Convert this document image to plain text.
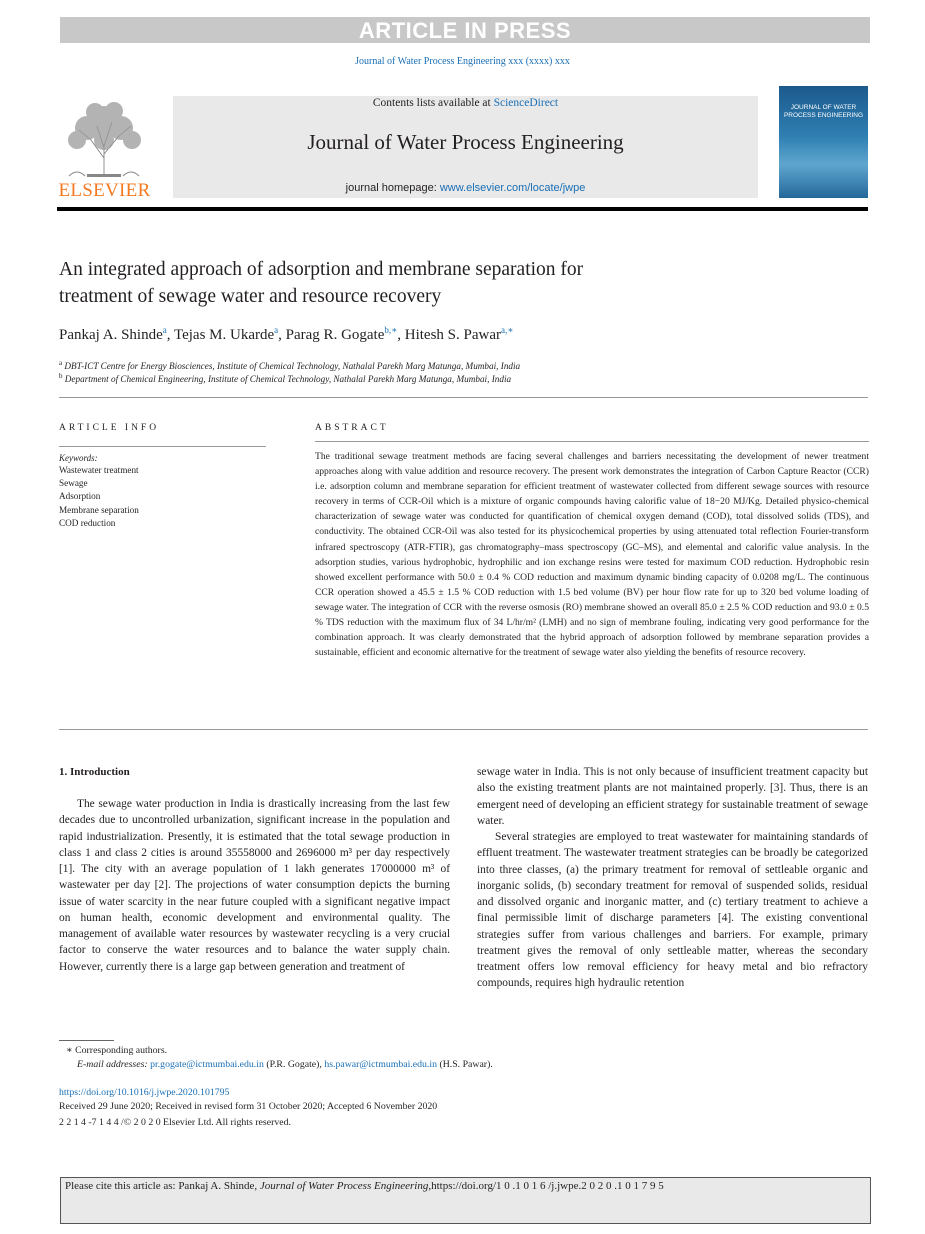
ARTICLE IN PRESS
Journal of Water Process Engineering xxx (xxxx) xxx
ELSEVIER
Contents lists available at ScienceDirect
Journal of Water Process Engineering
journal homepage: www.elsevier.com/locate/jwpe
JOURNAL OF WATER PROCESS ENGINEERING
An integrated approach of adsorption and membrane separation for
treatment of sewage water and resource recovery
Pankaj A. Shinde$^a$, Tejas M. Ukarde$^a$, Parag R. Gogate$^{b,∗}$, Hitesh S. Pawar$^{a,∗}$
$^a$ DBT-ICT Centre for Energy Biosciences, Institute of Chemical Technology, Nathalal Parekh Marg Matunga, Mumbai, India
$^b$ Department of Chemical Engineering, Institute of Chemical Technology, Nathalal Parekh Marg Matunga, Mumbai, India
ARTICLE INFO
Keywords:
Wastewater treatment
Sewage
Adsorption
Membrane separation
COD reduction
ABSTRACT
The traditional sewage treatment methods are facing several challenges and barriers necessitating the development of newer treatment approaches along with value addition and resource recovery. The present work demonstrates the integration of Carbon Capture Reactor (CCR) i.e. adsorption column and membrane separation for efficient treatment of wastewater collected from different sewage sources with resource recovery in terms of CCR-Oil which is a mixture of organic compounds having calorific value of 18−20 MJ/Kg. Detailed physico-chemical characterization of sewage water was conducted for quantification of chemical oxygen demand (COD), total dissolved solids (TDS), and conductivity. The obtained CCR-Oil was also tested for its physicochemical properties by using attenuated total reflection Fourier-transform infrared spectroscopy (ATR-FTIR), gas chromatography–mass spectroscopy (GC–MS), and elemental and calorific value analysis. In the adsorption studies, various hydrophobic, hydrophilic and ion exchange resins were tested for maximum COD reduction. Hydrophobic resin showed excellent performance with 50.0 ± 0.4 % COD reduction and maximum dynamic binding capacity of 0.0208 mg/L. The continuous CCR operation showed a 45.5 ± 1.5 % COD reduction with 1.5 bed volume (BV) per hour flow rate for up to 320 bed volume loading of sewage water. The integration of CCR with the reverse osmosis (RO) membrane showed an overall 85.0 ± 2.5 % COD reduction and 93.0 ± 0.5 % TDS reduction with the maximum flux of 34 L/hr/m² (LMH) and no sign of membrane fouling, indicating very good performance for the combination approach. It was clearly demonstrated that the hybrid approach of adsorption followed by membrane separation provides a sustainable, efficient and economic alternative for the treatment of sewage water also yielding the benefits of resource recovery.
1. Introduction

The sewage water production in India is drastically increasing from the last few decades due to uncontrolled urbanization, significant increase in the population and rapid industrialization. Presently, it is estimated that the total sewage production in class 1 and class 2 cities is around 35558000 and 2696000 m³ per day respectively [1]. The city with an average population of 1 lakh generates 17000000 m³ of wastewater per day [2]. The projections of water consumption depicts the burning issue of water scarcity in the near future coupled with a significant negative impact on human health, economic development and environmental quality. The management of available water resources by wastewater recycling is a very crucial factor to conserve the water resources and to balance the water supply chain. However, currently there is a large gap between generation and treatment of

sewage water in India. This is not only because of insufficient treatment capacity but also the existing treatment plants are not maintained properly. [3]. Thus, there is an emergent need of developing an efficient strategy for sustainable treatment of sewage water.

Several strategies are employed to treat wastewater for maintaining standards of effluent treatment. The wastewater treatment strategies can be broadly be categorized into three classes, (a) the primary treatment for removal of settleable organic and inorganic solids, (b) secondary treatment for removal of suspended solids, residual and dissolved organic and inorganic matter, and (c) tertiary treatment to achieve a final permissible limit of discharge parameters [4]. The existing conventional strategies suffer from various challenges and barriers. For example, primary treatment gives the removal of only settleable matter, whereas the secondary treatment offers low removal efficiency for heavy metal and bio refractory compounds, requires high hydraulic retention

∗ Corresponding authors.
E-mail addresses: pr.gogate@ictmumbai.edu.in (P.R. Gogate), hs.pawar@ictmumbai.edu.in (H.S. Pawar).
https://doi.org/10.1016/j.jwpe.2020.101795
Received 29 June 2020; Received in revised form 31 October 2020; Accepted 6 November 2020
2 2 1 4 -7 1 4 4 /© 2 0 2 0 Elsevier Ltd. All rights reserved.
Please cite this article as: Pankaj A. Shinde, Journal of Water Process Engineering,https://doi.org/1 0 .1 0 1 6 /j.jwpe.2 0 2 0 .1 0 1 7 9 5
